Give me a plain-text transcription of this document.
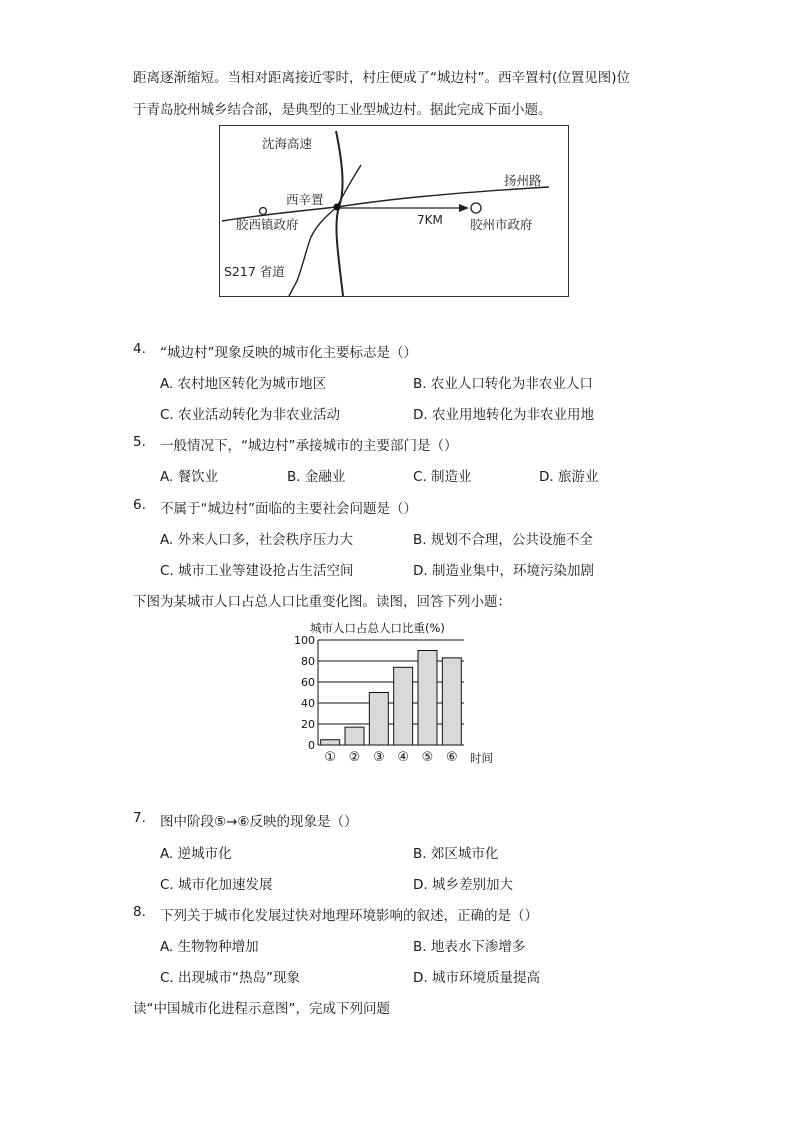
距离逐渐缩短。当相对距离接近零时，村庄便成了“城边村”。西辛置村(位置见图)位
于青岛胶州城乡结合部，是典型的工业型城边村。据此完成下面小题。
沈海高速
西辛置
扬州路
胶西镇政府	7KM 胶州市政府
S217 省道
4. “城边村”现象反映的城市化主要标志是（）
A. 农村地区转化为城市地区	B. 农业人口转化为非农业人口
C. 农业活动转化为非农业活动	D. 农业用地转化为非农业用地
5. 一般情况下，“城边村”承接城市的主要部门是（）
A. 餐饮业	B. 金融业	C. 制造业	D. 旅游业
6. 不属于“城边村”面临的主要社会问题是（）
A. 外来人口多，社会秩序压力大	B. 规划不合理，公共设施不全
C. 城市工业等建设抢占生活空间	D. 制造业集中，环境污染加剧
下图为某城市人口占总人口比重变化图。读图，回答下列小题：
城市人口占总人口比重(%)
0
20
40
60
80
100
① ② ③ ④ ⑤ ⑥ 时间
7. 图中阶段⑤→⑥反映的现象是（）
A. 逆城市化	B. 郊区城市化
C. 城市化加速发展	D. 城乡差别加大
8. 下列关于城市化发展过快对地理环境影响的叙述，正确的是（）
A. 生物物种增加	B. 地表水下渗增多
C. 出现城市“热岛”现象	D. 城市环境质量提高
读“中国城市化进程示意图”，完成下列问题
